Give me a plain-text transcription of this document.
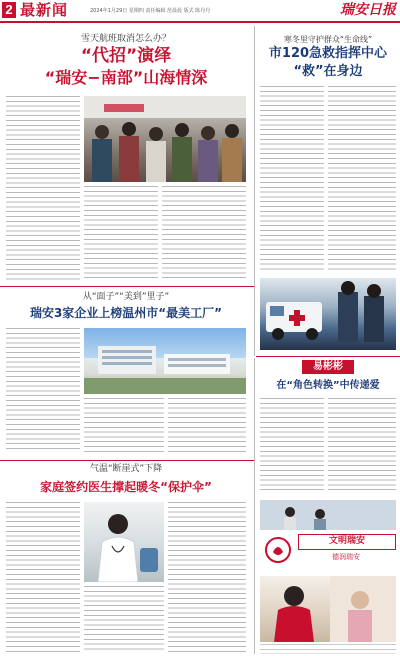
2 最新闻	2024年1月29日 星期四 责任编辑 范晨晨 版式 陈丹丹	瑞安日报
雪天航班取消怎么办？
“代招”演绎
“瑞安−南部”山海情深
寒冬里守护群众“生命线”
市120急救指挥中心
“救”在身边
从“面子”“美到”里子”
瑞安3家企业上榜温州市“最美工厂”
易彬彬
在“角色转换”中传递爱
气温“断崖式”下降
家庭签约医生撑起暖冬“保护伞”
文明瑞安
德润瑞安
